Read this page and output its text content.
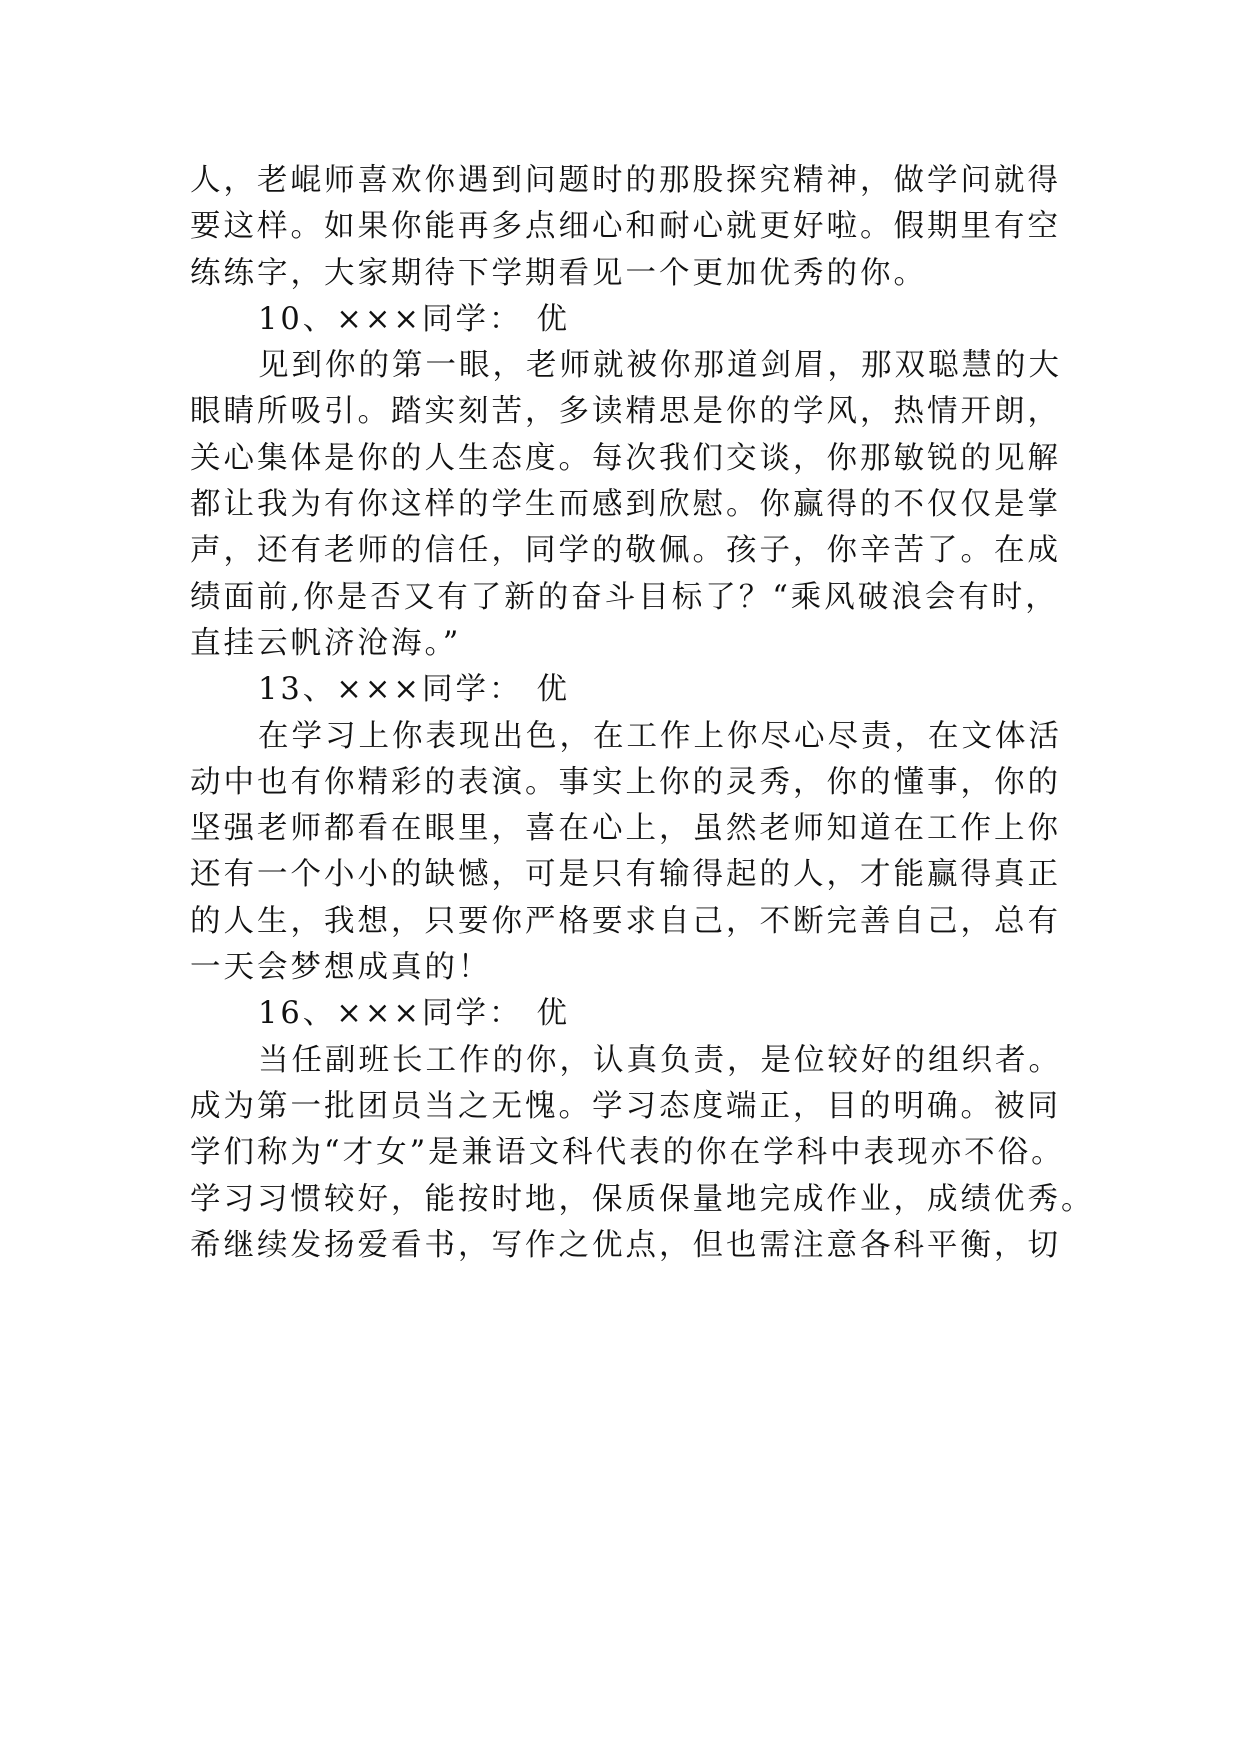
人，老崐师喜欢你遇到问题时的那股探究精神，做学问就得
要这样。如果你能再多点细心和耐心就更好啦。假期里有空
练练字，大家期待下学期看见一个更加优秀的你。
10、×××同学： 优
见到你的第一眼，老师就被你那道剑眉，那双聪慧的大
眼睛所吸引。踏实刻苦，多读精思是你的学风，热情开朗，
关心集体是你的人生态度。每次我们交谈，你那敏锐的见解
都让我为有你这样的学生而感到欣慰。你赢得的不仅仅是掌
声，还有老师的信任，同学的敬佩。孩子，你辛苦了。在成
绩面前,你是否又有了新的奋斗目标了？“乘风破浪会有时，
直挂云帆济沧海。”
13、×××同学： 优
在学习上你表现出色，在工作上你尽心尽责，在文体活
动中也有你精彩的表演。事实上你的灵秀，你的懂事，你的
坚强老师都看在眼里，喜在心上，虽然老师知道在工作上你
还有一个小小的缺憾，可是只有输得起的人，才能赢得真正
的人生，我想，只要你严格要求自己，不断完善自己，总有
一天会梦想成真的！
16、×××同学： 优
当任副班长工作的你，认真负责，是位较好的组织者。
成为第一批团员当之无愧。学习态度端正，目的明确。被同
学们称为“才女”是兼语文科代表的你在学科中表现亦不俗。
学习习惯较好，能按时地，保质保量地完成作业，成绩优秀。
希继续发扬爱看书，写作之优点，但也需注意各科平衡，切
